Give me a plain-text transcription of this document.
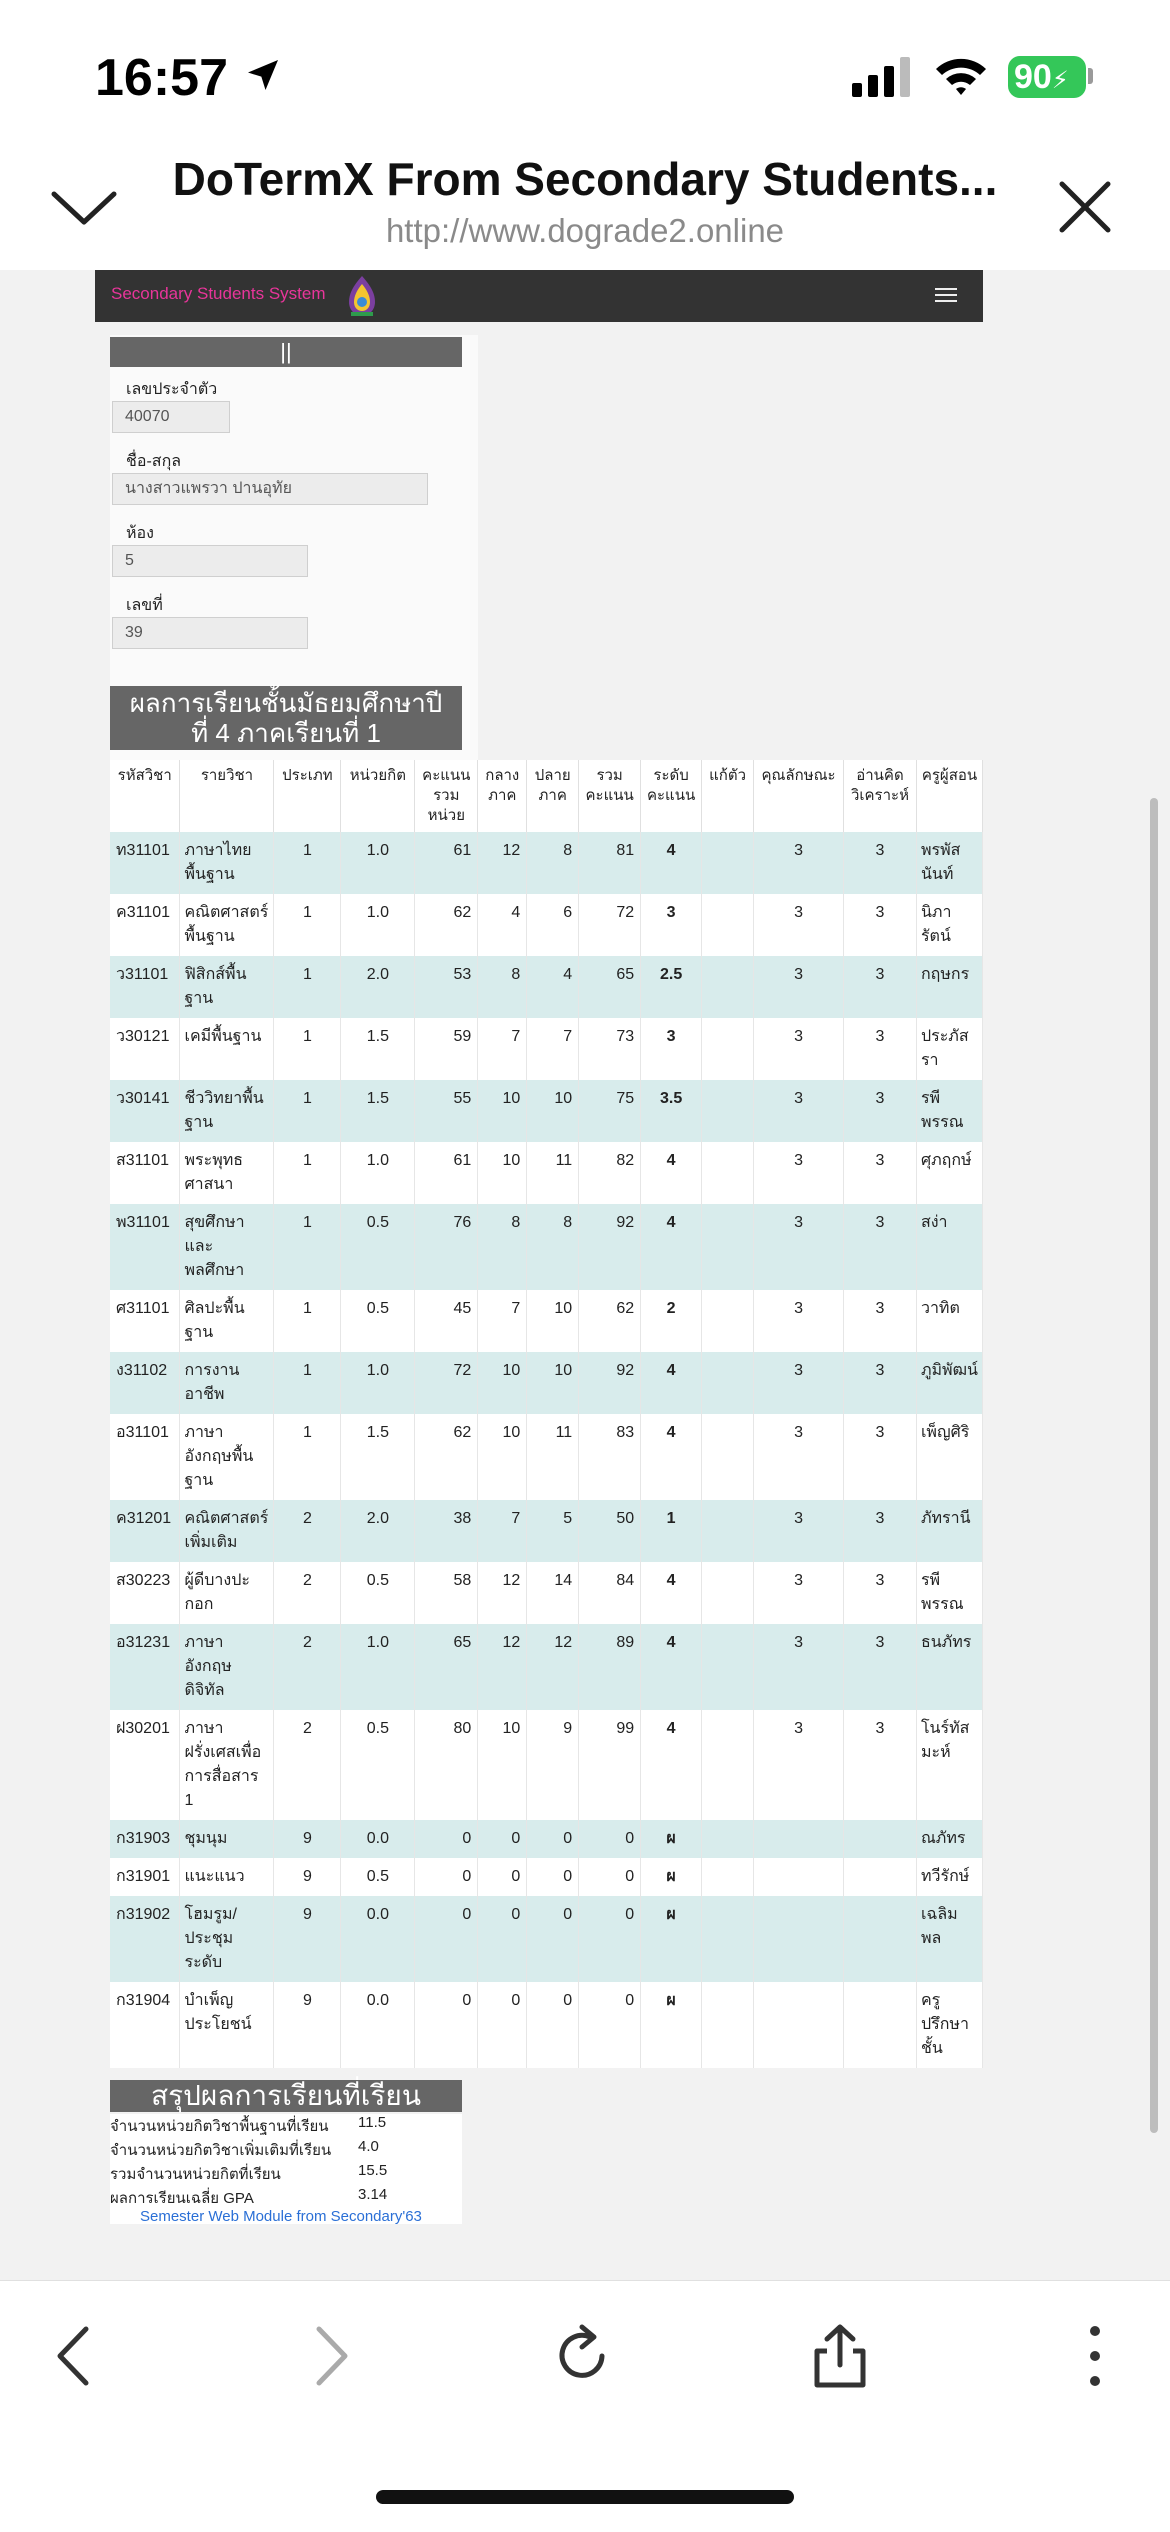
16:57	90⚡
DoTermX From Secondary Students...
http://www.dograde2.online
Secondary Students System
||
เลขประจำตัว
40070
ชื่อ-สกุล
นางสาวแพรวา ปานอุทัย
ห้อง
5
เลขที่
39
ผลการเรียนชั้นมัธยมศึกษาปี
ที่ 4 ภาคเรียนที่ 1
รหัสวิชา	รายวิชา	ประเภท	หน่วยกิต	คะแนนรวมหน่วย	กลางภาค	ปลายภาค	รวมคะแนน	ระดับคะแนน	แก้ตัว	คุณลักษณะ	อ่านคิดวิเคราะห์	ครูผู้สอน
ท31101	ภาษาไทยพื้นฐาน	1	1.0	61	12	8	81	4		3	3	พรพัสนันท์
ค31101	คณิตศาสตร์พื้นฐาน	1	1.0	62	4	6	72	3		3	3	นิภารัตน์
ว31101	ฟิสิกส์พื้นฐาน	1	2.0	53	8	4	65	2.5		3	3	กฤษกร
ว30121	เคมีพื้นฐาน	1	1.5	59	7	7	73	3		3	3	ประภัสรา
ว30141	ชีววิทยาพื้นฐาน	1	1.5	55	10	10	75	3.5		3	3	รพีพรรณ
ส31101	พระพุทธศาสนา	1	1.0	61	10	11	82	4		3	3	ศุภฤกษ์
พ31101	สุขศึกษาและพลศึกษา	1	0.5	76	8	8	92	4		3	3	สง่า
ศ31101	ศิลปะพื้นฐาน	1	0.5	45	7	10	62	2		3	3	วาทิต
ง31102	การงานอาชีพ	1	1.0	72	10	10	92	4		3	3	ภูมิพัฒน์
อ31101	ภาษาอังกฤษพื้นฐาน	1	1.5	62	10	11	83	4		3	3	เพ็ญศิริ
ค31201	คณิตศาสตร์เพิ่มเติม	2	2.0	38	7	5	50	1		3	3	ภัทรานี
ส30223	ผู้ดีบางปะกอก	2	0.5	58	12	14	84	4		3	3	รพีพรรณ
อ31231	ภาษาอังกฤษดิจิทัล	2	1.0	65	12	12	89	4		3	3	ธนภัทร
ฝ30201	ภาษาฝรั่งเศสเพื่อการสื่อสาร 1	2	0.5	80	10	9	99	4		3	3	โนร์ทัสมะห์
ก31903	ชุมนุม	9	0.0	0	0	0	0	ผ				ณภัทร
ก31901	แนะแนว	9	0.5	0	0	0	0	ผ				ทวีรักษ์
ก31902	โฮมรูม/ประชุมระดับ	9	0.0	0	0	0	0	ผ				เฉลิมพล
ก31904	บำเพ็ญประโยชน์	9	0.0	0	0	0	0	ผ				ครูปรึกษาชั้น
สรุปผลการเรียนที่เรียน
จำนวนหน่วยกิตวิชาพื้นฐานที่เรียน 11.5
จำนวนหน่วยกิตวิชาเพิ่มเติมที่เรียน 4.0
รวมจำนวนหน่วยกิตที่เรียน	15.5
ผลการเรียนเฉลี่ย GPA	3.14
Semester Web Module from Secondary'63
